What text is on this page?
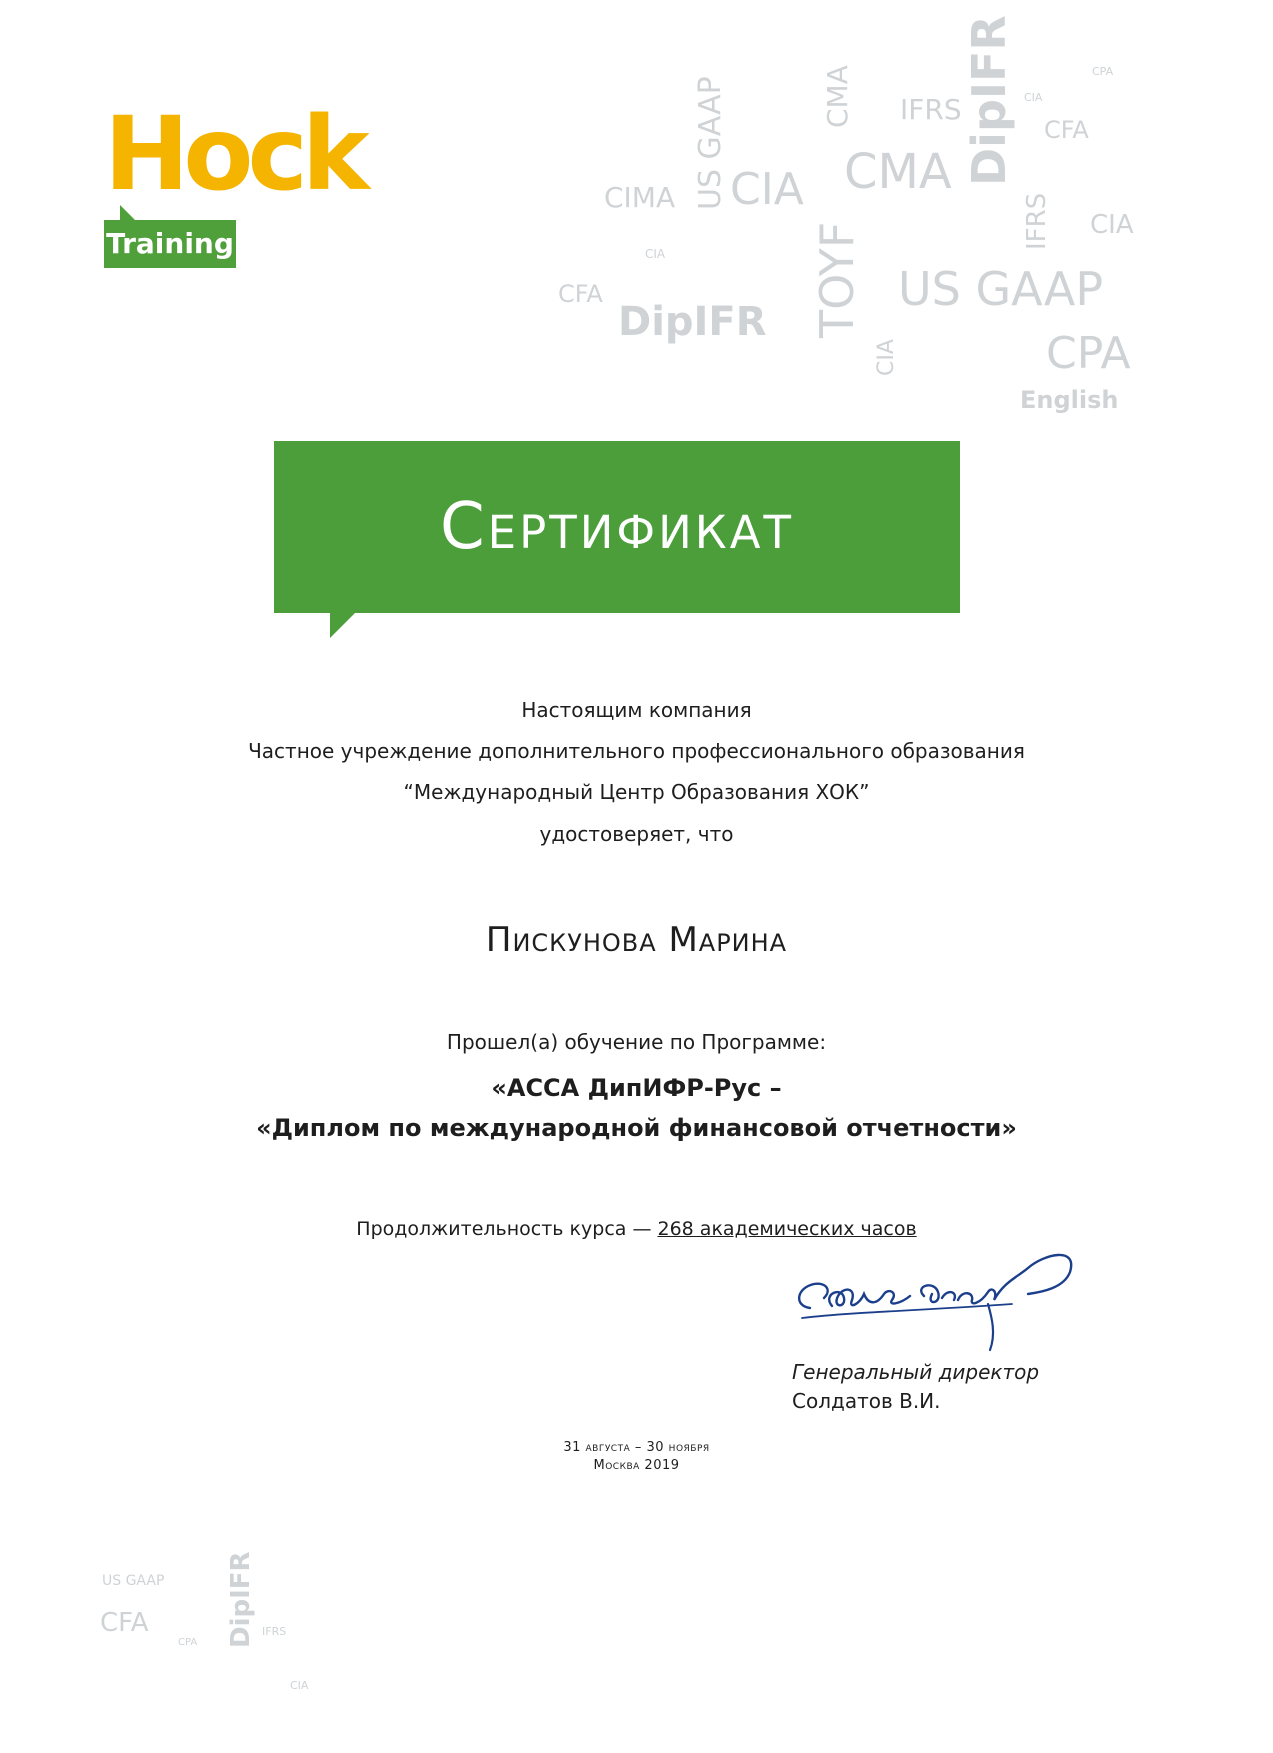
Hock
Training
CPA
CMA IFRS DipIFR CIA
CFA
US GAAP
CIMA CIA CMA
CIA
IFRS
CIA	TOYF US GAAP
CFA
DipIFR
CIA	CPA
English
Сертификат
Настоящим компания
Частное учреждение дополнительного профессионального образования
“Международный Центр Образования ХОК”
удостоверяет, что
Пискунова Марина
Прошел(а) обучение по Программе:
«ACCA ДипИФР-Рус –
«Диплом по международной финансовой отчетности»
Продолжительность курса — 268 академических часов
Генеральный директор
Солдатов В.И.
31 августа – 30 ноября
Москва 2019
US GAAP DipIFR
CFA
CPA
IFRS
CIA
